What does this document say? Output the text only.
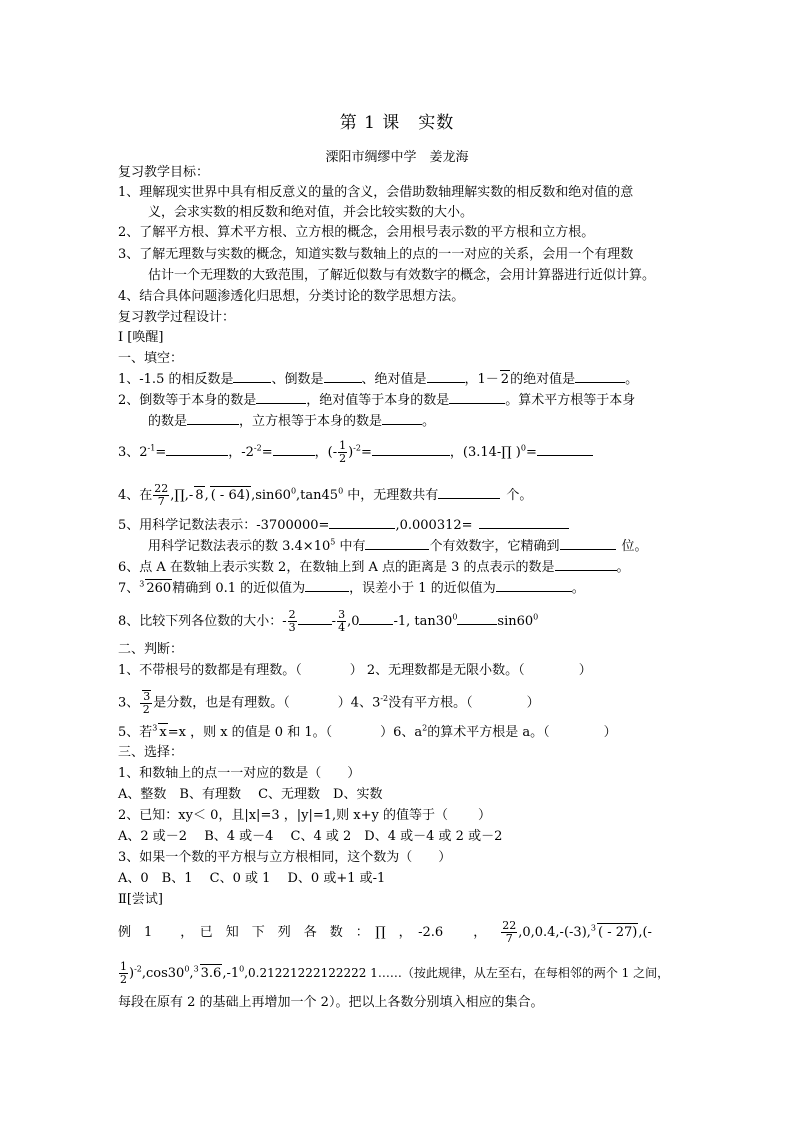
第 1 课　实数
溧阳市绸缪中学　姜龙海
复习教学目标：
1、理解现实世界中具有相反意义的量的含义，会借助数轴理解实数的相反数和绝对值的意
义，会求实数的相反数和绝对值，并会比较实数的大小。
2、了解平方根、算术平方根、立方根的概念，会用根号表示数的平方根和立方根。
3、了解无理数与实数的概念，知道实数与数轴上的点的一一对应的关系，会用一个有理数
估计一个无理数的大致范围，了解近似数与有效数字的概念，会用计算器进行近似计算。
4、结合具体问题渗透化归思想，分类讨论的数学思想方法。
复习教学过程设计：
Ⅰ [唤醒]
一、填空：
1、-1.5 的相反数是	、倒数是	、绝对值是	，1－ 2的绝对值是	。
2、倒数等于本身的数是	，绝对值等于本身的数是	。算术平方根等于本身
的数是	，立方根等于本身的数是	。
3、$2^{-1}=$	，$-2^{-2}=$	，(- $\frac{1}{2} )^{-2}=$	，(3.14-∏ )$^0$=
4、在 $\frac{22}{7}$ ,∏,- 8, ( - $64),\sin 60^0,\tan 45^0$ 中，无理数共有	个。
5、用科学记数法表示：-3700000=	,0.000312=
用科学记数法表示的数 $3.4\times 10^5$ 中有	个有效数字，它精确到	位。
6、点 A 在数轴上表示实数 2，在数轴上到 A 点的距离是 3 的点表示的数是	。
7、$^3$ 260精确到 0.1 的近似值为	，误差小于 1 的近似值为	。
8、比较下列各位数的大小：- $\frac{2}{3}$	- $\frac{3}{4} ,0$	-1, $\tan 30^0$	$\sin 60^0$
二、判断：
1、不带根号的数都是有理数。（	） 2、无理数都是无限小数。（	）
3、 $\frac{3}{2}$ 是分数，也是有理数。（	）4、$3^{-2}$没有平方根。（	）
5、若$^3$ x=x ，则 x 的值是 0 和 1。（	）6、$a^2$的算术平方根是 a。（	）
三、选择：
1、和数轴上的点一一对应的数是（　　）
A、整数　B、有理数　 C、无理数　D、实数
2、已知：xy＜ 0，且|x|=3 ，|y|=1,则 x+y 的值等于（ ）
A、2 或－2　 B、4 或－4　 C、4 或 2　D、4 或－4 或 2 或－2
3、如果一个数的平方根与立方根相同，这个数为（　　）
A、0　B、1　 C、0 或 1　 D、0 或+1 或-1
Ⅱ[尝试]
例　1 ，　已　知　下　列　各　数　：　∏　，　-2.6 ， $\frac{22}{7} ,0,0.4,-(-3),^3$ ( - 27),(-
$\frac{1}{2} )^{-2},\cos 30^0,^3$ $3.6,-1^0,0.21221222122222$ 1……（按此规律，从左至右，在每相邻的两个 1 之间，
每段在原有 2 的基础上再增加一个 2）。把以上各数分别填入相应的集合。
